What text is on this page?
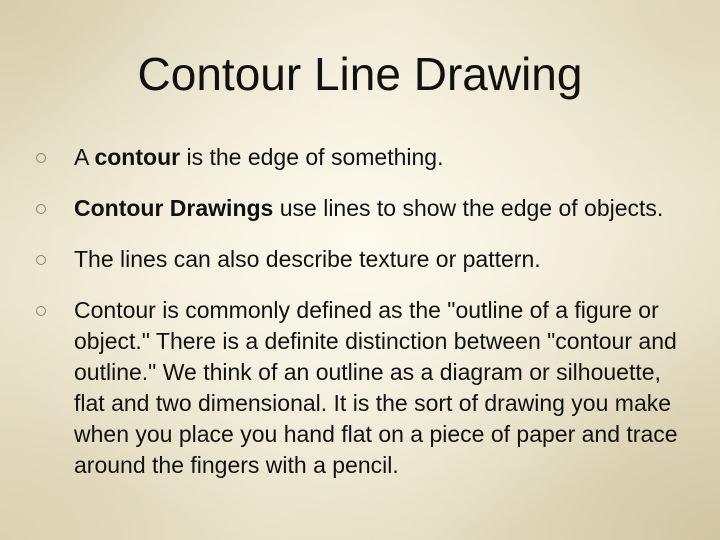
Contour Line Drawing
A contour is the edge of something.
Contour Drawings use lines to show the edge of objects.
The lines can also describe texture or pattern.
Contour is commonly defined as the "outline of a figure or object." There is a definite distinction between "contour and outline." We think of an outline as a diagram or silhouette, flat and two dimensional. It is the sort of drawing you make when you place you hand flat on a piece of paper and trace around the fingers with a pencil.
